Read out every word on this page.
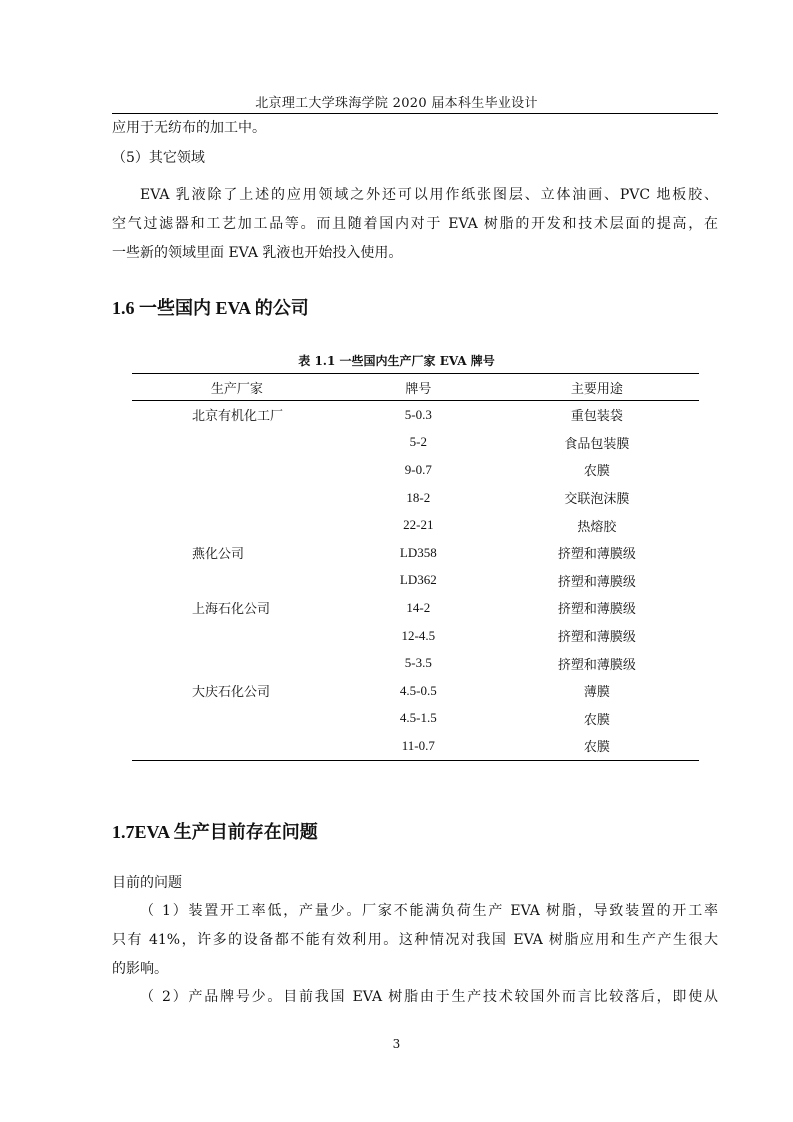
北京理工大学珠海学院 2020 届本科生毕业设计
应用于无纺布的加工中。
（5）其它领域
EVA 乳液除了上述的应用领域之外还可以用作纸张图层、立体油画、PVC 地板胶、
空气过滤器和工艺加工品等。而且随着国内对于 EVA 树脂的开发和技术层面的提高，在
一些新的领域里面 EVA 乳液也开始投入使用。
1.6 一些国内 EVA 的公司
表 1.1 一些国内生产厂家 EVA 牌号
生产厂家	牌号	主要用途
北京有机化工厂	5-0.3	重包装袋
	5-2	食品包装膜
	9-0.7	农膜
	18-2	交联泡沫膜
	22-21	热熔胶
燕化公司	LD358	挤塑和薄膜级
	LD362	挤塑和薄膜级
上海石化公司	14-2	挤塑和薄膜级
	12-4.5	挤塑和薄膜级
	5-3.5	挤塑和薄膜级
大庆石化公司	4.5-0.5	薄膜
	4.5-1.5	农膜
	11-0.7	农膜
1.7EVA 生产目前存在问题
目前的问题
（ 1）装置开工率低，产量少。厂家不能满负荷生产 EVA 树脂，导致装置的开工率
只有 41%，许多的设备都不能有效利用。这种情况对我国 EVA 树脂应用和生产产生很大
的影响。
（ 2）产品牌号少。目前我国 EVA 树脂由于生产技术较国外而言比较落后，即使从
3
